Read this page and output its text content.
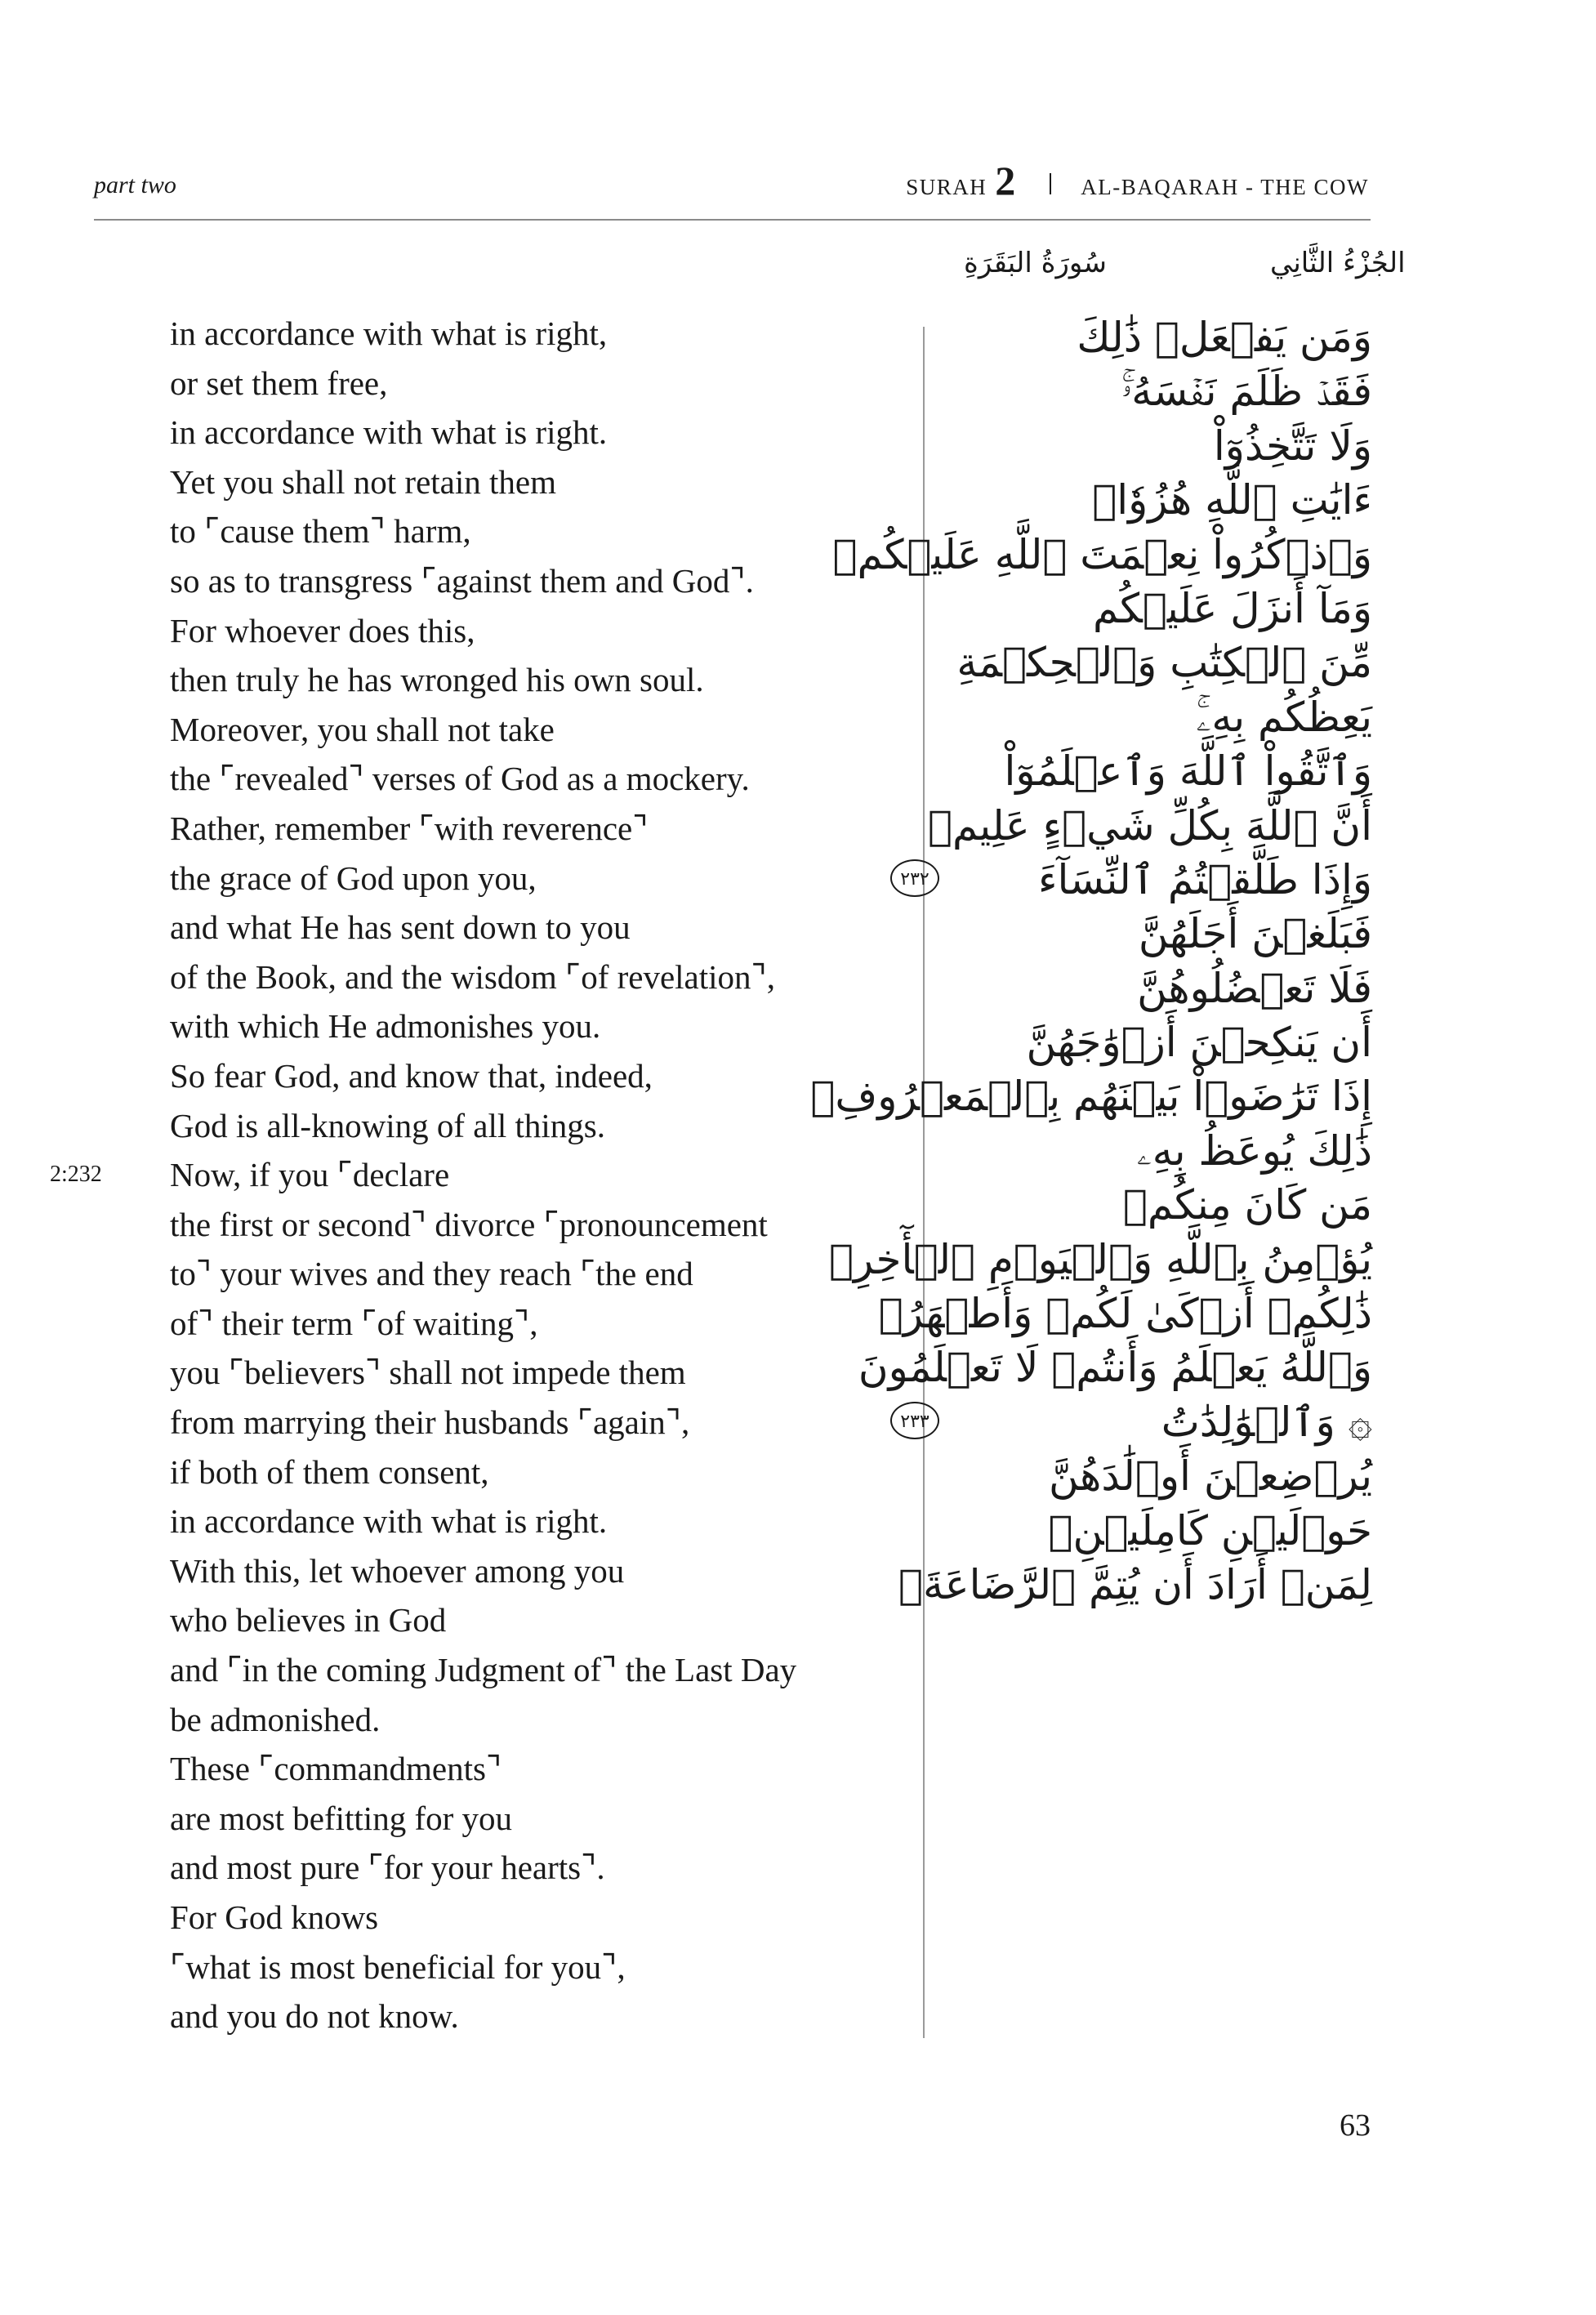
part two	SURAH 2	AL-BAQARAH - THE COW
سُورَةُ البَقَرَةِ	الجُزْءُ الثَّانِي
in accordance with what is right,
or set them free,
in accordance with what is right.
Yet you shall not retain them
to ⌜cause them⌝ harm,
so as to transgress ⌜against them and God⌝.
For whoever does this,
then truly he has wronged his own soul.
Moreover, you shall not take
the ⌜revealed⌝ verses of God as a mockery.
Rather, remember ⌜with reverence⌝
the grace of God upon you,
and what He has sent down to you
of the Book, and the wisdom ⌜of revelation⌝,
with which He admonishes you.
So fear God, and know that, indeed,
God is all-knowing of all things.
Now, if you ⌜declare
2:232
the first or second⌝ divorce ⌜pronouncement
to⌝ your wives and they reach ⌜the end
of⌝ their term ⌜of waiting⌝,
you ⌜believers⌝ shall not impede them
from marrying their husbands ⌜again⌝,
if both of them consent,
in accordance with what is right.
With this, let whoever among you
who believes in God
and ⌜in the coming Judgment of⌝ the Last Day
be admonished.
These ⌜commandments⌝
are most befitting for you
and most pure ⌜for your hearts⌝.
For God knows
⌜what is most beneficial for you⌝,
and you do not know.
وَمَن يَفۡعَلۡ ذَٰلِكَ
فَقَدۡ ظَلَمَ نَفۡسَهُۥۚ
وَلَا تَتَّخِذُوٓاْ
ءَايَٰتِ ٱللَّهِ هُزُوٗاۚ
وَٱذۡكُرُواْ نِعۡمَتَ ٱللَّهِ عَلَيۡكُمۡ
وَمَآ أَنزَلَ عَلَيۡكُم
مِّنَ ٱلۡكِتَٰبِ وَٱلۡحِكۡمَةِ
يَعِظُكُم بِهِۦۚ
وَٱتَّقُواْ ٱللَّهَ وَٱعۡلَمُوٓاْ
أَنَّ ٱللَّهَ بِكُلِّ شَيۡءٍ عَلِيمٞ
وَإِذَا طَلَّقۡتُمُ ٱلنِّسَآءَ
٢٣٢
فَبَلَغۡنَ أَجَلَهُنَّ
فَلَا تَعۡضُلُوهُنَّ
أَن يَنكِحۡنَ أَزۡوَٰجَهُنَّ
إِذَا تَرَٰضَوۡاْ بَيۡنَهُم بِٱلۡمَعۡرُوفِۗ
ذَٰلِكَ يُوعَظُ بِهِۦ
مَن كَانَ مِنكُمۡ
يُؤۡمِنُ بِٱللَّهِ وَٱلۡيَوۡمِ ٱلۡأٓخِرِۗ
ذَٰلِكُمۡ أَزۡكَىٰ لَكُمۡ وَأَطۡهَرُۗ
وَٱللَّهُ يَعۡلَمُ وَأَنتُمۡ لَا تَعۡلَمُونَ
۞ وَٱلۡوَٰلِدَٰتُ
٢٣٣
يُرۡضِعۡنَ أَوۡلَٰدَهُنَّ
حَوۡلَيۡنِ كَامِلَيۡنِۖ
لِمَنۡ أَرَادَ أَن يُتِمَّ ٱلرَّضَاعَةَۚ
63
